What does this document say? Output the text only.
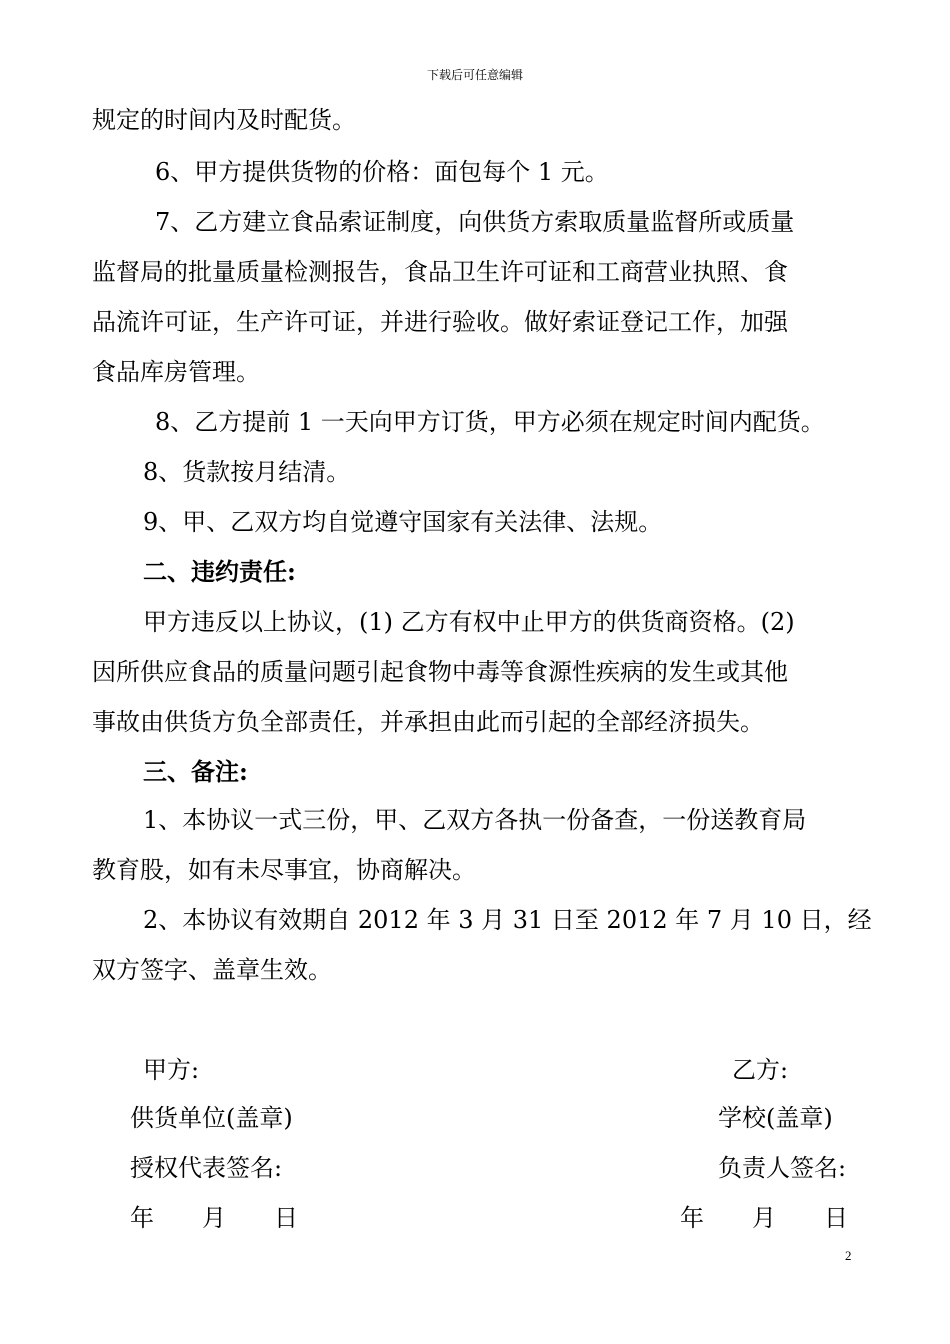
下载后可任意编辑
规定的时间内及时配货。
6、甲方提供货物的价格：面包每个 1 元。
7、乙方建立食品索证制度，向供货方索取质量监督所或质量
监督局的批量质量检测报告，食品卫生许可证和工商营业执照、食
品流许可证，生产许可证，并进行验收。做好索证登记工作，加强
食品库房管理。
8、乙方提前 1 一天向甲方订货，甲方必须在规定时间内配货。
8、货款按月结清。
9、甲、乙双方均自觉遵守国家有关法律、法规。
二、违约责任:
甲方违反以上协议，(1) 乙方有权中止甲方的供货商资格。(2)
因所供应食品的质量问题引起食物中毒等食源性疾病的发生或其他
事故由供货方负全部责任，并承担由此而引起的全部经济损失。
三、备注:
1、本协议一式三份，甲、乙双方各执一份备查，一份送教育局
教育股，如有未尽事宜，协商解决。
2、本协议有效期自 2012 年 3 月 31 日至 2012 年 7 月 10 日，经
双方签字、盖章生效。
甲方:	乙方:
供货单位(盖章)	学校(盖章)
授权代表签名:	负责人签名:
年　　月　　日	年　　月　　日
2
